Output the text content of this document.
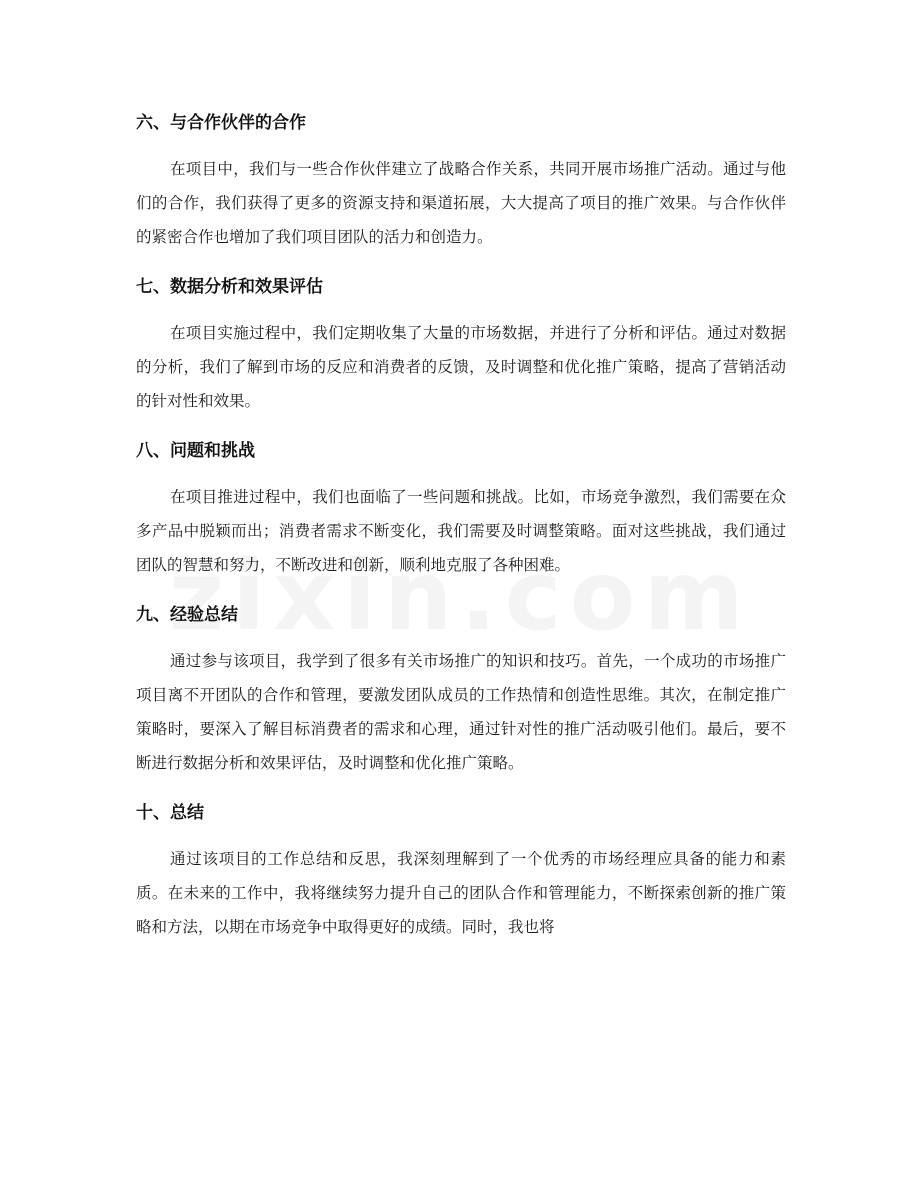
六、与合作伙伴的合作

在项目中，我们与一些合作伙伴建立了战略合作关系，共同开展市场推广活动。通过与他们的合作，我们获得了更多的资源支持和渠道拓展，大大提高了项目的推广效果。与合作伙伴的紧密合作也增加了我们项目团队的活力和创造力。

七、数据分析和效果评估

在项目实施过程中，我们定期收集了大量的市场数据，并进行了分析和评估。通过对数据的分析，我们了解到市场的反应和消费者的反馈，及时调整和优化推广策略，提高了营销活动的针对性和效果。

八、问题和挑战

在项目推进过程中，我们也面临了一些问题和挑战。比如，市场竞争激烈，我们需要在众多产品中脱颖而出；消费者需求不断变化，我们需要及时调整策略。面对这些挑战，我们通过团队的智慧和努力，不断改进和创新，顺利地克服了各种困难。

九、经验总结

通过参与该项目，我学到了很多有关市场推广的知识和技巧。首先，一个成功的市场推广项目离不开团队的合作和管理，要激发团队成员的工作热情和创造性思维。其次，在制定推广策略时，要深入了解目标消费者的需求和心理，通过针对性的推广活动吸引他们。最后，要不断进行数据分析和效果评估，及时调整和优化推广策略。

十、总结

通过该项目的工作总结和反思，我深刻理解到了一个优秀的市场经理应具备的能力和素质。在未来的工作中，我将继续努力提升自己的团队合作和管理能力，不断探索创新的推广策略和方法，以期在市场竞争中取得更好的成绩。同时，我也将
